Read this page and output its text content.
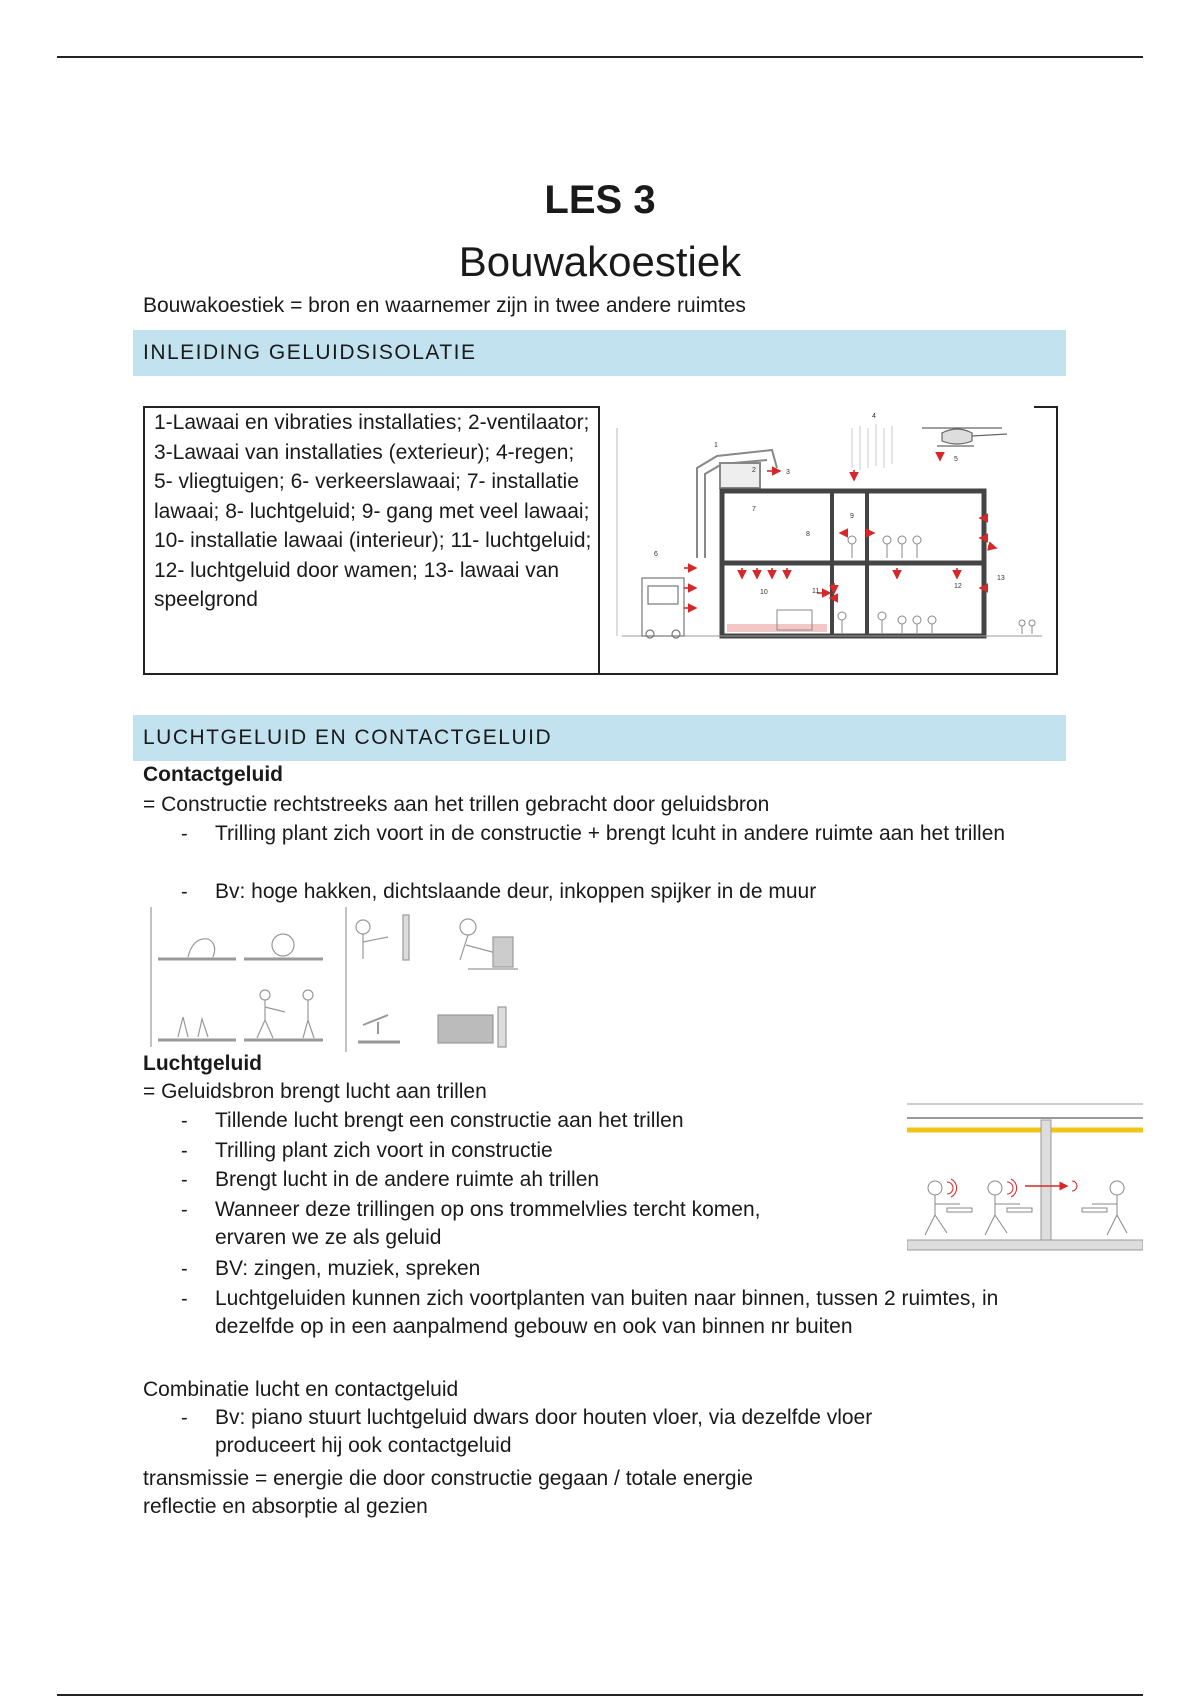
LES 3
Bouwakoestiek
Bouwakoestiek = bron en waarnemer zijn in twee andere ruimtes
INLEIDING GELUIDSISOLATIE
1-Lawaai en vibraties installaties; 2-ventilaator; 3-Lawaai van installaties (exterieur); 4-regen; 5- vliegtuigen; 6- verkeerslawaai; 7- installatie lawaai; 8- luchtgeluid; 9- gang met veel lawaai; 10- installatie lawaai (interieur); 11- luchtgeluid; 12- luchtgeluid door wamen; 13- lawaai van speelgrond
1
2	3
4
5
6
7
8
9
10	11
12
13
LUCHTGELUID EN CONTACTGELUID
Contactgeluid
= Constructie rechtstreeks aan het trillen gebracht door geluidsbron
- Trilling plant zich voort in de constructie + brengt lcuht in andere ruimte aan het trillen
- Bv: hoge hakken, dichtslaande deur, inkoppen spijker in de muur
Luchtgeluid
= Geluidsbron brengt lucht aan trillen
- Tillende lucht brengt een constructie aan het trillen
- Trilling plant zich voort in constructie
- Brengt lucht in de andere ruimte ah trillen
- Wanneer deze trillingen op ons trommelvlies tercht komen, ervaren we ze als geluid
- BV: zingen, muziek, spreken
- Luchtgeluiden kunnen zich voortplanten van buiten naar binnen, tussen 2 ruimtes, in dezelfde op in een aanpalmend gebouw en ook van binnen nr buiten
Combinatie lucht en contactgeluid
- Bv: piano stuurt luchtgeluid dwars door houten vloer, via dezelfde vloer produceert hij ook contactgeluid
transmissie = energie die door constructie gegaan / totale energie
reflectie en absorptie al gezien
